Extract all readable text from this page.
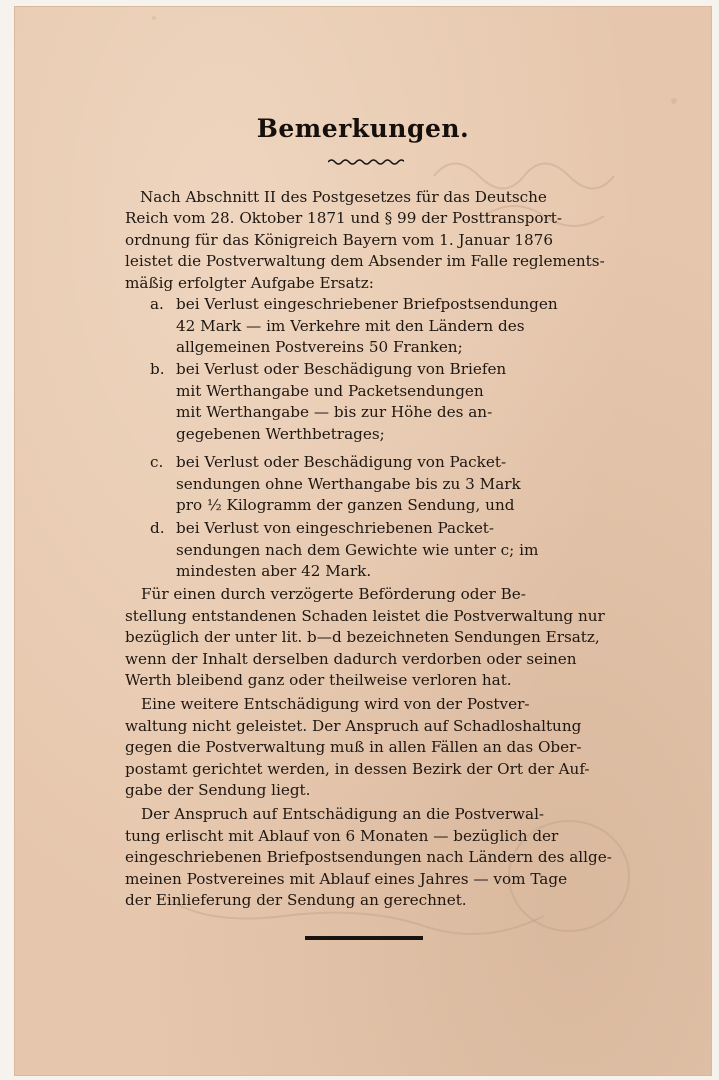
Bemerkungen.
Nach Abschnitt II des Postgesetzes für das Deutsche
Reich vom 28. Oktober 1871 und § 99 der Posttransport-
ordnung für das Königreich Bayern vom 1. Januar 1876
leistet die Postverwaltung dem Absender im Falle reglements-
mäßig erfolgter Aufgabe Ersatz:
a. bei Verlust eingeschriebener Briefpostsendungen
42 Mark — im Verkehre mit den Ländern des
allgemeinen Postvereins 50 Franken;
b. bei Verlust oder Beschädigung von Briefen
mit Werthangabe und Packetsendungen
mit Werthangabe — bis zur Höhe des an-
gegebenen Werthbetrages;
c. bei Verlust oder Beschädigung von Packet-
sendungen ohne Werthangabe bis zu 3 Mark
pro ½ Kilogramm der ganzen Sendung, und
d. bei Verlust von eingeschriebenen Packet-
sendungen nach dem Gewichte wie unter c; im
mindesten aber 42 Mark.
Für einen durch verzögerte Beförderung oder Be-
stellung entstandenen Schaden leistet die Postverwaltung nur
bezüglich der unter lit. b—d bezeichneten Sendungen Ersatz,
wenn der Inhalt derselben dadurch verdorben oder seinen
Werth bleibend ganz oder theilweise verloren hat.
Eine weitere Entschädigung wird von der Postver-
waltung nicht geleistet. Der Anspruch auf Schadloshaltung
gegen die Postverwaltung muß in allen Fällen an das Ober-
postamt gerichtet werden, in dessen Bezirk der Ort der Auf-
gabe der Sendung liegt.
Der Anspruch auf Entschädigung an die Postverwal-
tung erlischt mit Ablauf von 6 Monaten — bezüglich der
eingeschriebenen Briefpostsendungen nach Ländern des allge-
meinen Postvereines mit Ablauf eines Jahres — vom Tage
der Einlieferung der Sendung an gerechnet.
